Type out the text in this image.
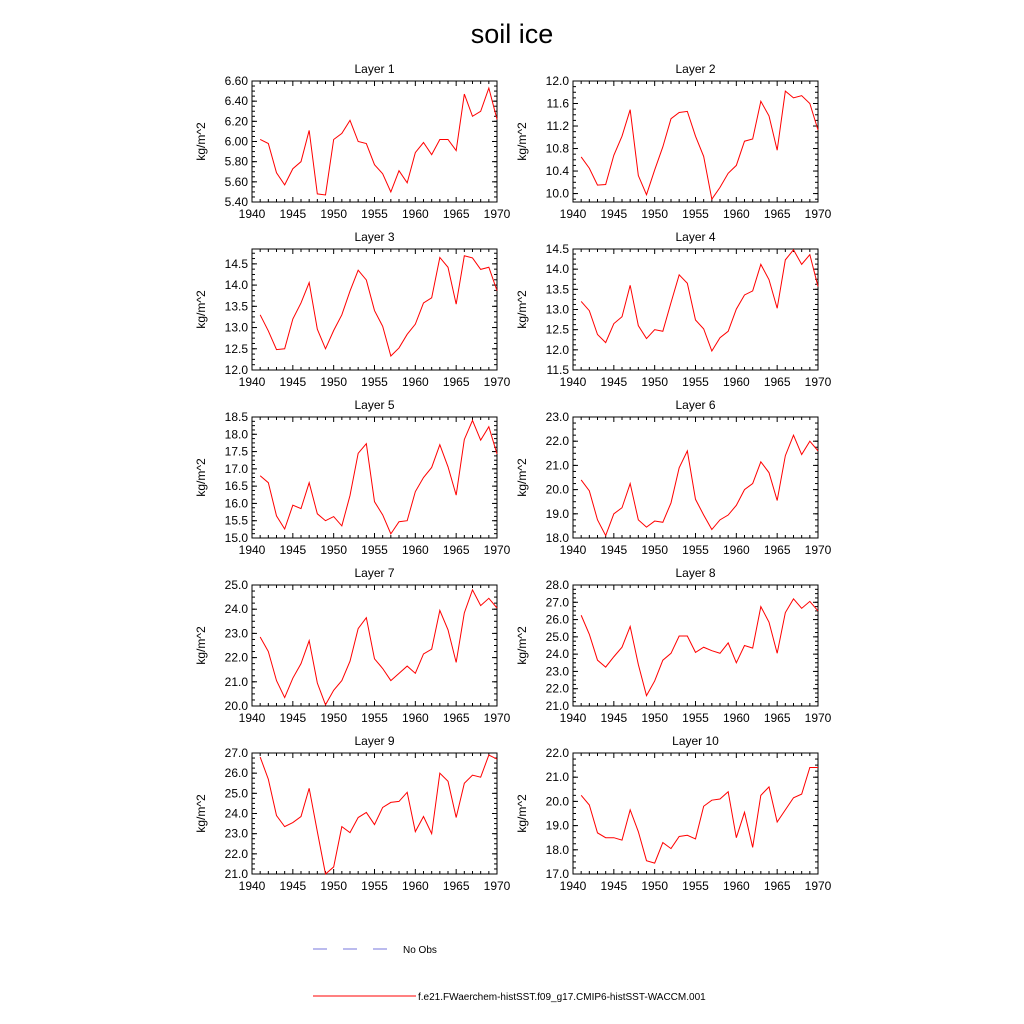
soil ice
Layer 1
kg/m^2
1940 1945 1950 1955 1960 1965 1970
5.40
5.60
5.80
6.00
6.20
6.40
6.60
Layer 2
kg/m^2
1940 1945 1950 1955 1960 1965 1970
10.0
10.4
10.8
11.2
11.6
12.0
Layer 3
kg/m^2
1940 1945 1950 1955 1960 1965 1970
12.0
12.5
13.0
13.5
14.0
14.5
Layer 4
kg/m^2
1940 1945 1950 1955 1960 1965 1970
11.5
12.0
12.5
13.0
13.5
14.0
14.5
Layer 5
kg/m^2
1940 1945 1950 1955 1960 1965 1970
15.0
15.5
16.0
16.5
17.0
17.5
18.0
18.5
Layer 6
kg/m^2
1940 1945 1950 1955 1960 1965 1970
18.0
19.0
20.0
21.0
22.0
23.0
Layer 7
kg/m^2
1940 1945 1950 1955 1960 1965 1970
20.0
21.0
22.0
23.0
24.0
25.0
Layer 8
kg/m^2
1940 1945 1950 1955 1960 1965 1970
21.0
22.0
23.0
24.0
25.0
26.0
27.0
28.0
Layer 9
kg/m^2
1940 1945 1950 1955 1960 1965 1970
21.0
22.0
23.0
24.0
25.0
26.0
27.0
Layer 10
kg/m^2
1940 1945 1950 1955 1960 1965 1970
17.0
18.0
19.0
20.0
21.0
22.0
No Obs
f.e21.FWaerchem-histSST.f09_g17.CMIP6-histSST-WACCM.001
